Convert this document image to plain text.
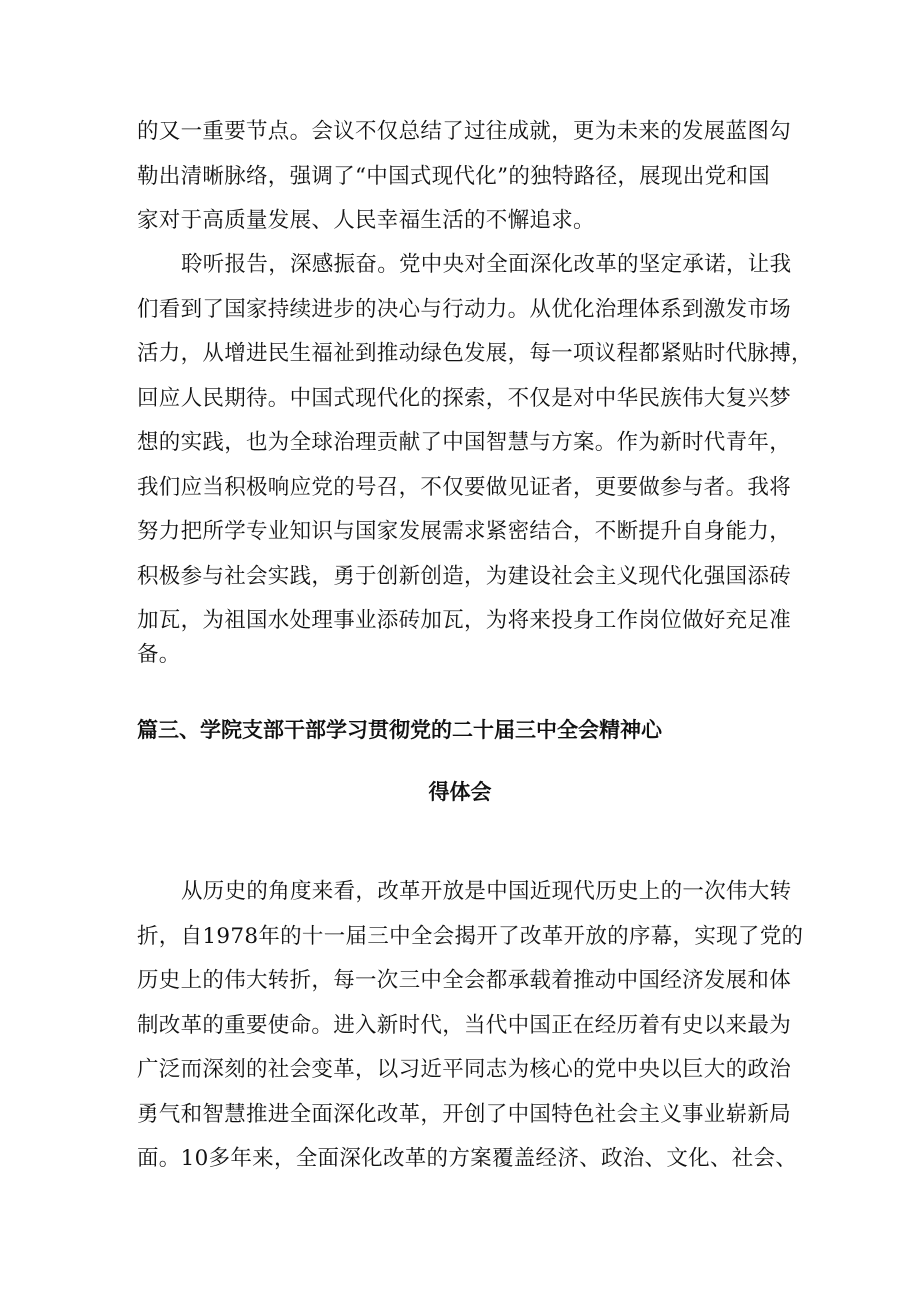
的又一重要节点。会议不仅总结了过往成就，更为未来的发展蓝图勾
勒出清晰脉络，强调了“中国式现代化”的独特路径，展现出党和国
家对于高质量发展、人民幸福生活的不懈追求。
聆听报告，深感振奋。党中央对全面深化改革的坚定承诺，让我
们看到了国家持续进步的决心与行动力。从优化治理体系到激发市场
活力，从增进民生福祉到推动绿色发展，每一项议程都紧贴时代脉搏，
回应人民期待。中国式现代化的探索，不仅是对中华民族伟大复兴梦
想的实践，也为全球治理贡献了中国智慧与方案。作为新时代青年，
我们应当积极响应党的号召，不仅要做见证者，更要做参与者。我将
努力把所学专业知识与国家发展需求紧密结合，不断提升自身能力，
积极参与社会实践，勇于创新创造，为建设社会主义现代化强国添砖
加瓦，为祖国水处理事业添砖加瓦，为将来投身工作岗位做好充足准
备。
篇三、学院支部干部学习贯彻党的二十届三中全会精神心
得体会
从历史的角度来看，改革开放是中国近现代历史上的一次伟大转
折，自1978年的十一届三中全会揭开了改革开放的序幕，实现了党的
历史上的伟大转折，每一次三中全会都承载着推动中国经济发展和体
制改革的重要使命。进入新时代，当代中国正在经历着有史以来最为
广泛而深刻的社会变革，以习近平同志为核心的党中央以巨大的政治
勇气和智慧推进全面深化改革，开创了中国特色社会主义事业崭新局
面。10多年来，全面深化改革的方案覆盖经济、政治、文化、社会、
